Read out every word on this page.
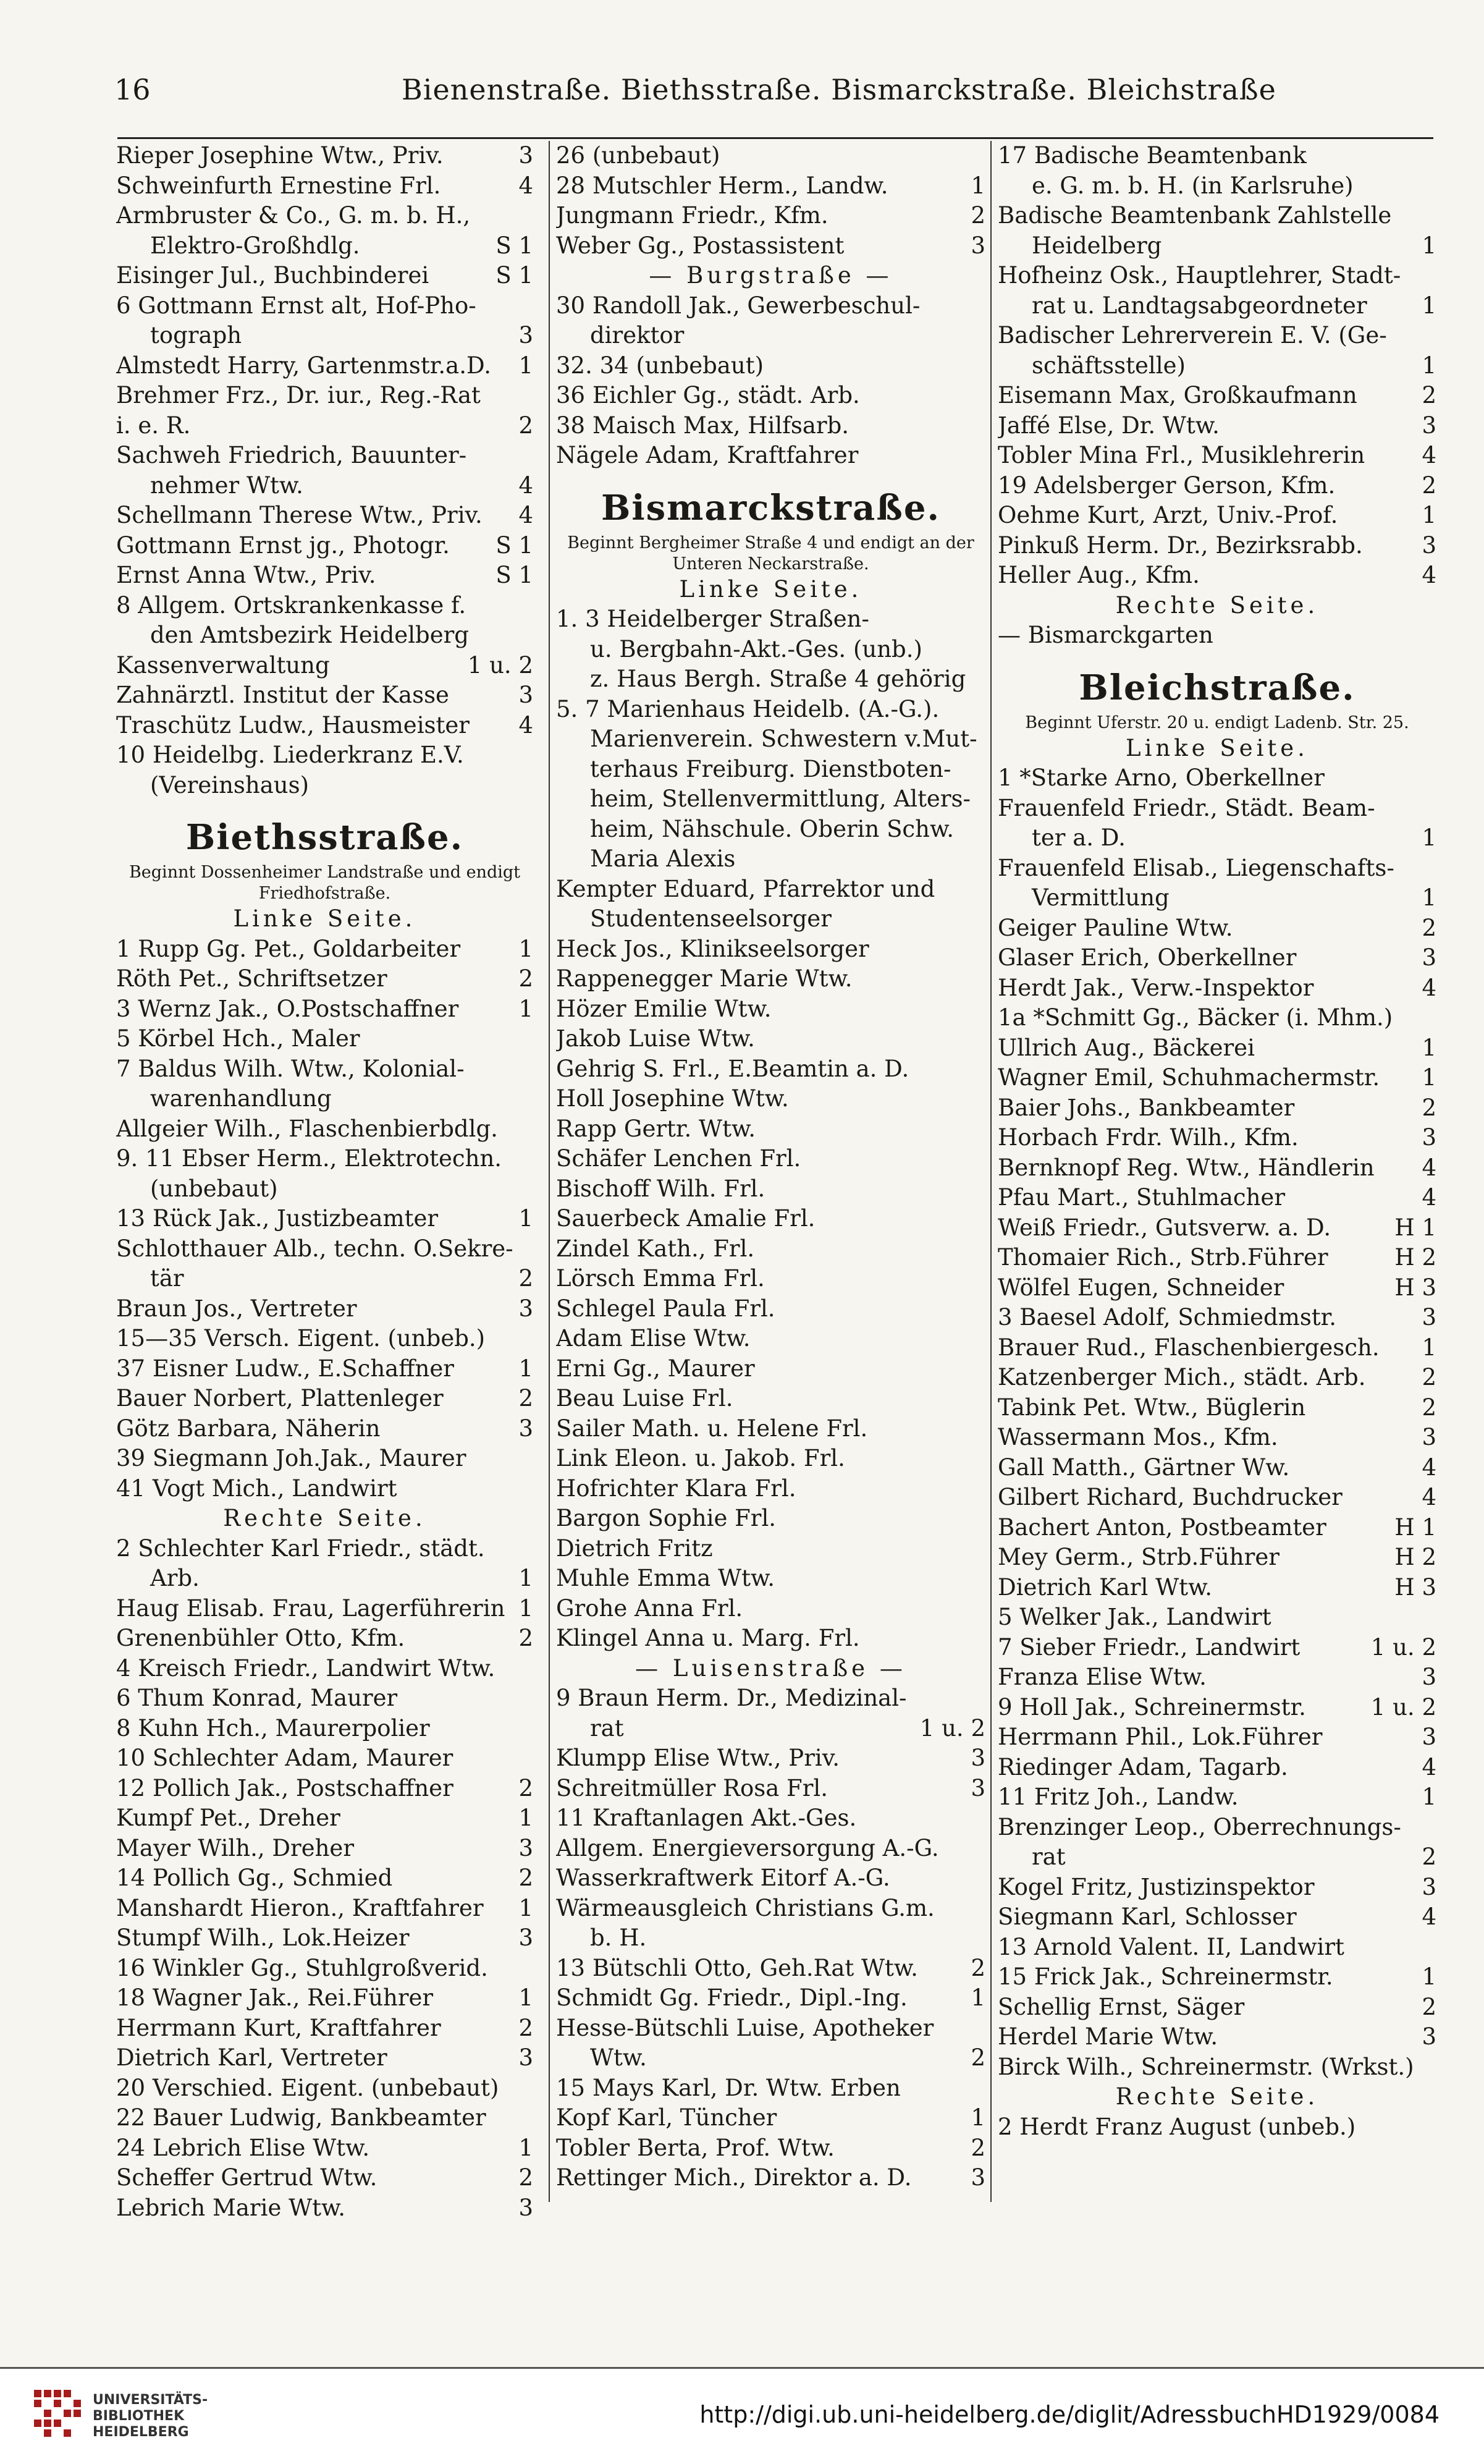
16	Bienenstraße. Biethsstraße. Bismarckstraße. Bleichstraße
Rieper Josephine Wtw., Priv.	3
Schweinfurth Ernestine Frl.	4
Armbruster & Co., G. m. b. H.,
Elektro-Großhdlg.	S 1
Eisinger Jul., Buchbinderei	S 1
6 Gottmann Ernst alt, Hof-Pho-
tograph	3
Almstedt Harry, Gartenmstr.a.D. 1
Brehmer Frz., Dr. iur., Reg.-Rat
i. e. R.	2
Sachweh Friedrich, Bauunter-
nehmer Wtw.	4
Schellmann Therese Wtw., Priv. 4
Gottmann Ernst jg., Photogr. S 1
Ernst Anna Wtw., Priv.	S 1
8 Allgem. Ortskrankenkasse f.
den Amtsbezirk Heidelberg
Kassenverwaltung	1 u. 2
Zahnärztl. Institut der Kasse	3
Traschütz Ludw., Hausmeister 4
10 Heidelbg. Liederkranz E.V.
(Vereinshaus)
Biethsstraße.
Beginnt Dossenheimer Landstraße und endigt Friedhofstraße.
Linke Seite.
1 Rupp Gg. Pet., Goldarbeiter	1
Röth Pet., Schriftsetzer	2
3 Wernz Jak., O.Postschaffner	1
5 Körbel Hch., Maler
7 Baldus Wilh. Wtw., Kolonial-
warenhandlung
Allgeier Wilh., Flaschenbierbdlg.
9. 11 Ebser Herm., Elektrotechn.
(unbebaut)
13 Rück Jak., Justizbeamter	1
Schlotthauer Alb., techn. O.Sekre-
tär	2
Braun Jos., Vertreter	3
15—35 Versch. Eigent. (unbeb.)
37 Eisner Ludw., E.Schaffner	1
Bauer Norbert, Plattenleger	2
Götz Barbara, Näherin	3
39 Siegmann Joh.Jak., Maurer
41 Vogt Mich., Landwirt
Rechte Seite.
2 Schlechter Karl Friedr., städt.
Arb.	1
Haug Elisab. Frau, Lagerführerin 1
Grenenbühler Otto, Kfm.	2
4 Kreisch Friedr., Landwirt Wtw.
6 Thum Konrad, Maurer
8 Kuhn Hch., Maurerpolier
10 Schlechter Adam, Maurer
12 Pollich Jak., Postschaffner	2
Kumpf Pet., Dreher	1
Mayer Wilh., Dreher	3
14 Pollich Gg., Schmied	2
Manshardt Hieron., Kraftfahrer 1
Stumpf Wilh., Lok.Heizer	3
16 Winkler Gg., Stuhlgroßverid.
18 Wagner Jak., Rei.Führer	1
Herrmann Kurt, Kraftfahrer	2
Dietrich Karl, Vertreter	3
20 Verschied. Eigent. (unbebaut)
22 Bauer Ludwig, Bankbeamter
24 Lebrich Elise Wtw.	1
Scheffer Gertrud Wtw.	2
Lebrich Marie Wtw.	3
26 (unbebaut)
28 Mutschler Herm., Landw.	1
Jungmann Friedr., Kfm.	2
Weber Gg., Postassistent	3
— Burgstraße —
30 Randoll Jak., Gewerbeschul-
direktor
32. 34 (unbebaut)
36 Eichler Gg., städt. Arb.
38 Maisch Max, Hilfsarb.
Nägele Adam, Kraftfahrer
Bismarckstraße.
Beginnt Bergheimer Straße 4 und endigt an der Unteren Neckarstraße.
Linke Seite.
1. 3 Heidelberger Straßen-
u. Bergbahn-Akt.-Ges. (unb.)
z. Haus Bergh. Straße 4 gehörig
5. 7 Marienhaus Heidelb. (A.-G.).
Marienverein. Schwestern v.Mut-
terhaus Freiburg. Dienstboten-
heim, Stellenvermittlung, Alters-
heim, Nähschule. Oberin Schw.
Maria Alexis
Kempter Eduard, Pfarrektor und
Studentenseelsorger
Heck Jos., Klinikseelsorger
Rappenegger Marie Wtw.
Hözer Emilie Wtw.
Jakob Luise Wtw.
Gehrig S. Frl., E.Beamtin a. D.
Holl Josephine Wtw.
Rapp Gertr. Wtw.
Schäfer Lenchen Frl.
Bischoff Wilh. Frl.
Sauerbeck Amalie Frl.
Zindel Kath., Frl.
Lörsch Emma Frl.
Schlegel Paula Frl.
Adam Elise Wtw.
Erni Gg., Maurer
Beau Luise Frl.
Sailer Math. u. Helene Frl.
Link Eleon. u. Jakob. Frl.
Hofrichter Klara Frl.
Bargon Sophie Frl.
Dietrich Fritz
Muhle Emma Wtw.
Grohe Anna Frl.
Klingel Anna u. Marg. Frl.
— Luisenstraße —
9 Braun Herm. Dr., Medizinal-
rat	1 u. 2
Klumpp Elise Wtw., Priv.	3
Schreitmüller Rosa Frl.	3
11 Kraftanlagen Akt.-Ges.
Allgem. Energieversorgung A.-G.
Wasserkraftwerk Eitorf A.-G.
Wärmeausgleich Christians G.m.
b. H.
13 Bütschli Otto, Geh.Rat Wtw. 2
Schmidt Gg. Friedr., Dipl.-Ing.	1
Hesse-Bütschli Luise, Apotheker
Wtw.	2
15 Mays Karl, Dr. Wtw. Erben
Kopf Karl, Tüncher	1
Tobler Berta, Prof. Wtw.	2
Rettinger Mich., Direktor a. D.	3
17 Badische Beamtenbank
e. G. m. b. H. (in Karlsruhe)
Badische Beamtenbank Zahlstelle
Heidelberg	1
Hofheinz Osk., Hauptlehrer, Stadt-
rat u. Landtagsabgeordneter 1
Badischer Lehrerverein E. V. (Ge-
schäftsstelle)	1
Eisemann Max, Großkaufmann	2
Jaffé Else, Dr. Wtw.	3
Tobler Mina Frl., Musiklehrerin 4
19 Adelsberger Gerson, Kfm.	2
Oehme Kurt, Arzt, Univ.-Prof.	1
Pinkuß Herm. Dr., Bezirksrabb.	3
Heller Aug., Kfm.	4
Rechte Seite.
— Bismarckgarten
Bleichstraße.
Beginnt Uferstr. 20 u. endigt Ladenb. Str. 25.
Linke Seite.
1 *Starke Arno, Oberkellner
Frauenfeld Friedr., Städt. Beam-
ter a. D.	1
Frauenfeld Elisab., Liegenschafts-
Vermittlung	1
Geiger Pauline Wtw.	2
Glaser Erich, Oberkellner	3
Herdt Jak., Verw.-Inspektor	4
1a *Schmitt Gg., Bäcker (i. Mhm.)
Ullrich Aug., Bäckerei	1
Wagner Emil, Schuhmachermstr. 1
Baier Johs., Bankbeamter	2
Horbach Frdr. Wilh., Kfm.	3
Bernknopf Reg. Wtw., Händlerin 4
Pfau Mart., Stuhlmacher	4
Weiß Friedr., Gutsverw. a. D.	H 1
Thomaier Rich., Strb.Führer	H 2
Wölfel Eugen, Schneider	H 3
3 Baesel Adolf, Schmiedmstr.	3
Brauer Rud., Flaschenbiergesch. 1
Katzenberger Mich., städt. Arb. 2
Tabink Pet. Wtw., Büglerin	2
Wassermann Mos., Kfm.	3
Gall Matth., Gärtner Ww.	4
Gilbert Richard, Buchdrucker	4
Bachert Anton, Postbeamter	H 1
Mey Germ., Strb.Führer	H 2
Dietrich Karl Wtw.	H 3
5 Welker Jak., Landwirt
7 Sieber Friedr., Landwirt	1 u. 2
Franza Elise Wtw.	3
9 Holl Jak., Schreinermstr.	1 u. 2
Herrmann Phil., Lok.Führer	3
Riedinger Adam, Tagarb.	4
11 Fritz Joh., Landw.	1
Brenzinger Leop., Oberrechnungs-
rat	2
Kogel Fritz, Justizinspektor	3
Siegmann Karl, Schlosser	4
13 Arnold Valent. II, Landwirt
15 Frick Jak., Schreinermstr.	1
Schellig Ernst, Säger	2
Herdel Marie Wtw.	3
Birck Wilh., Schreinermstr. (Wrkst.)
Rechte Seite.
2 Herdt Franz August (unbeb.)
UNIVERSITÄTS-
BIBLIOTHEK
HEIDELBERG
http://digi.ub.uni-heidelberg.de/diglit/AdressbuchHD1929/0084
